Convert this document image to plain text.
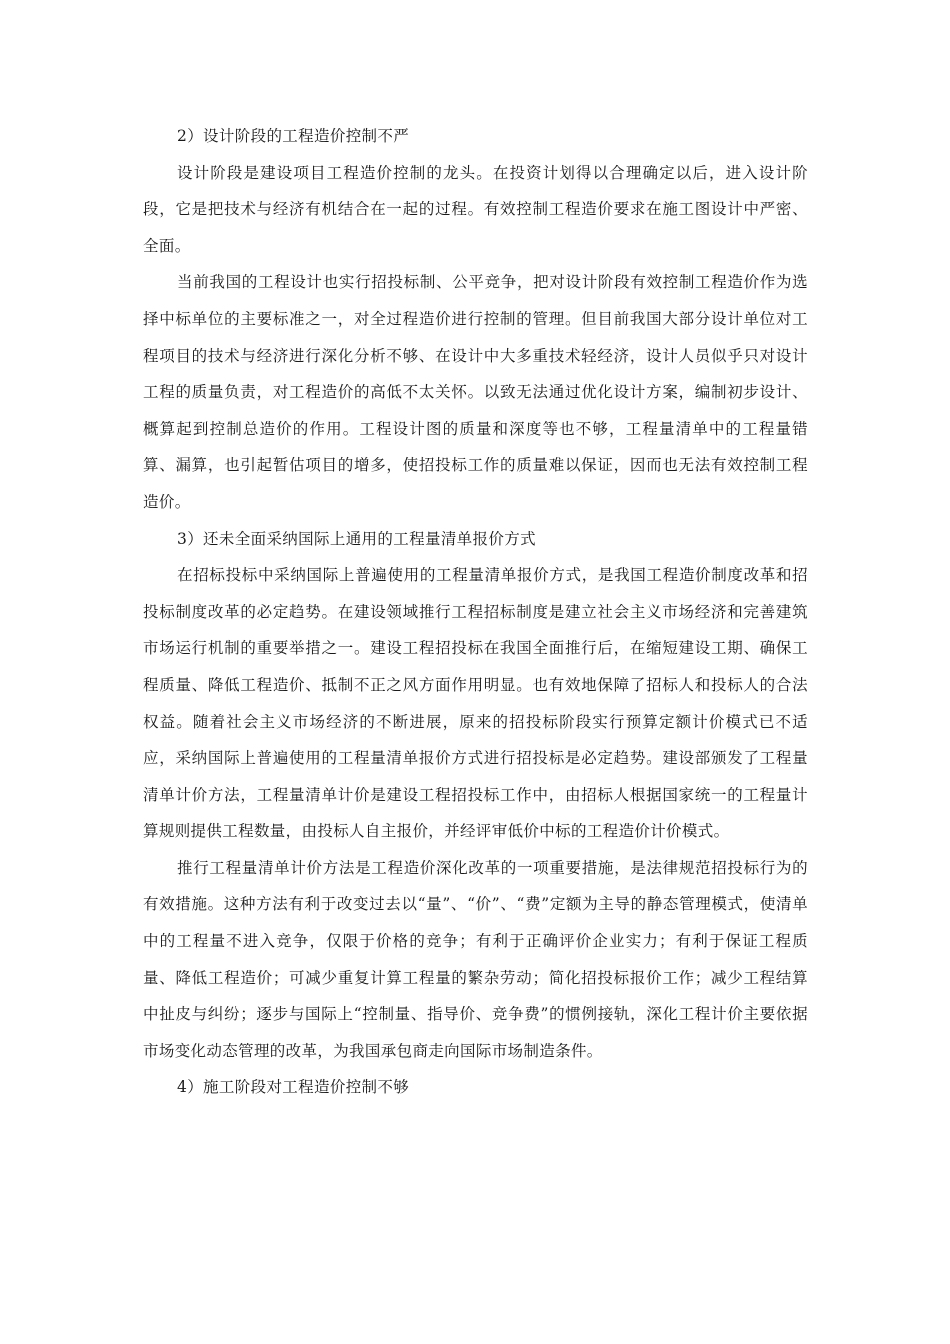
2）设计阶段的工程造价控制不严

设计阶段是建设项目工程造价控制的龙头。在投资计划得以合理确定以后，进入设计阶段，它是把技术与经济有机结合在一起的过程。有效控制工程造价要求在施工图设计中严密、全面。

当前我国的工程设计也实行招投标制、公平竞争，把对设计阶段有效控制工程造价作为选择中标单位的主要标准之一，对全过程造价进行控制的管理。但目前我国大部分设计单位对工程项目的技术与经济进行深化分析不够、在设计中大多重技术轻经济，设计人员似乎只对设计工程的质量负责，对工程造价的高低不太关怀。以致无法通过优化设计方案，编制初步设计、概算起到控制总造价的作用。工程设计图的质量和深度等也不够，工程量清单中的工程量错算、漏算，也引起暂估项目的增多，使招投标工作的质量难以保证，因而也无法有效控制工程造价。

3）还未全面采纳国际上通用的工程量清单报价方式

在招标投标中采纳国际上普遍使用的工程量清单报价方式，是我国工程造价制度改革和招投标制度改革的必定趋势。在建设领域推行工程招标制度是建立社会主义市场经济和完善建筑市场运行机制的重要举措之一。建设工程招投标在我国全面推行后，在缩短建设工期、确保工程质量、降低工程造价、抵制不正之风方面作用明显。也有效地保障了招标人和投标人的合法权益。随着社会主义市场经济的不断进展，原来的招投标阶段实行预算定额计价模式已不适应，采纳国际上普遍使用的工程量清单报价方式进行招投标是必定趋势。建设部颁发了工程量清单计价方法，工程量清单计价是建设工程招投标工作中，由招标人根据国家统一的工程量计算规则提供工程数量，由投标人自主报价，并经评审低价中标的工程造价计价模式。

推行工程量清单计价方法是工程造价深化改革的一项重要措施，是法律规范招投标行为的有效措施。这种方法有利于改变过去以“量”、“价”、“费”定额为主导的静态管理模式，使清单中的工程量不进入竞争，仅限于价格的竞争；有利于正确评价企业实力；有利于保证工程质量、降低工程造价；可减少重复计算工程量的繁杂劳动；简化招投标报价工作；减少工程结算中扯皮与纠纷；逐步与国际上“控制量、指导价、竞争费”的惯例接轨，深化工程计价主要依据市场变化动态管理的改革，为我国承包商走向国际市场制造条件。

4）施工阶段对工程造价控制不够
